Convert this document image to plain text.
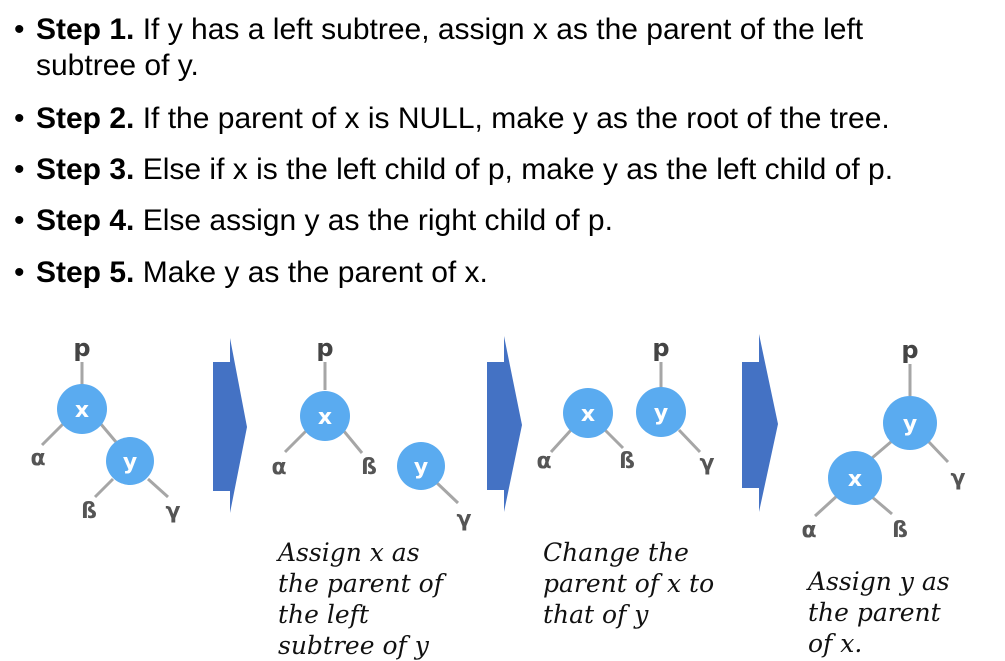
• Step 1. If y has a left subtree, assign x as the parent of the left
subtree of y.
• Step 2. If the parent of x is NULL, make y as the root of the tree.
• Step 3. Else if x is the left child of p, make y as the left child of p.
• Step 4. Else assign y as the right child of p.
• Step 5. Make y as the parent of x.
p
x
y
α
ß	γ
p
x
y
α	ß
γ
p
x	y
α	ß	γ
p
y
x
α	ß
γ
Assign x as
the parent of
the left
subtree of y
Change the
parent of x to
that of y
Assign y as
the parent
of x.
